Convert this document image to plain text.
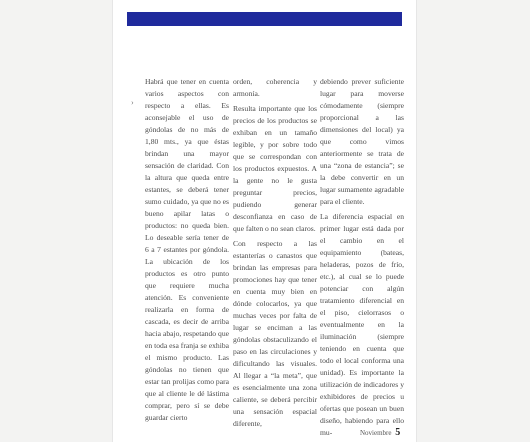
›

Habrá que tener en cuenta varios aspectos con respecto a ellas. Es aconsejable el uso de góndolas de no más de 1,80 mts., ya que éstas brindan una mayor sensación de claridad. Con la altura que queda entre estantes, se deberá tener sumo cuidado, ya que no es bueno apilar latas o productos: no queda bien. Lo deseable sería tener de 6 a 7 estantes por góndola. La ubicación de los productos es otro punto que requiere mucha atención. Es conveniente realizarla en forma de cascada, es decir de arriba hacia abajo, respetando que en toda esa franja se exhiba el mismo producto. Las góndolas no tienen que estar tan prolijas como para que al cliente le dé lástima comprar, pero sí se debe guardar cierto

orden, coherencia y armonía.

Resulta importante que los precios de los productos se exhiban en un tamaño legible, y por sobre todo que se correspondan con los productos expuestos. A la gente no le gusta preguntar precios, pudiendo generar desconfianza en caso de que falten o no sean claros.

Con respecto a las estanterías o canastos que brindan las empresas para promociones hay que tener en cuenta muy bien en dónde colocarlos, ya que muchas veces por falta de lugar se enciman a las góndolas obstaculizando el paso en las circulaciones y dificultando las visuales. Al llegar a “la meta”, que es esencialmente una zona caliente, se deberá percibir una sensación espacial diferente,

debiendo prever suficiente lugar para moverse cómodamente (siempre proporcional a las dimensiones del local) ya que como vimos anteriormente se trata de una “zona de estancia”; se la debe convertir en un lugar sumamente agradable para el cliente.

La diferencia espacial en primer lugar está dada por el cambio en el equipamiento (bateas, heladeras, pozos de frío, etc.), al cual se lo puede potenciar con algún tratamiento diferencial en el piso, cielorrasos o eventualmente en la iluminación (siempre teniendo en cuenta que todo el local conforma una unidad). Es importante la utilización de indicadores y exhibidores de precios u ofertas que posean un buen diseño, habiendo para ello mu-	Noviembre 5
